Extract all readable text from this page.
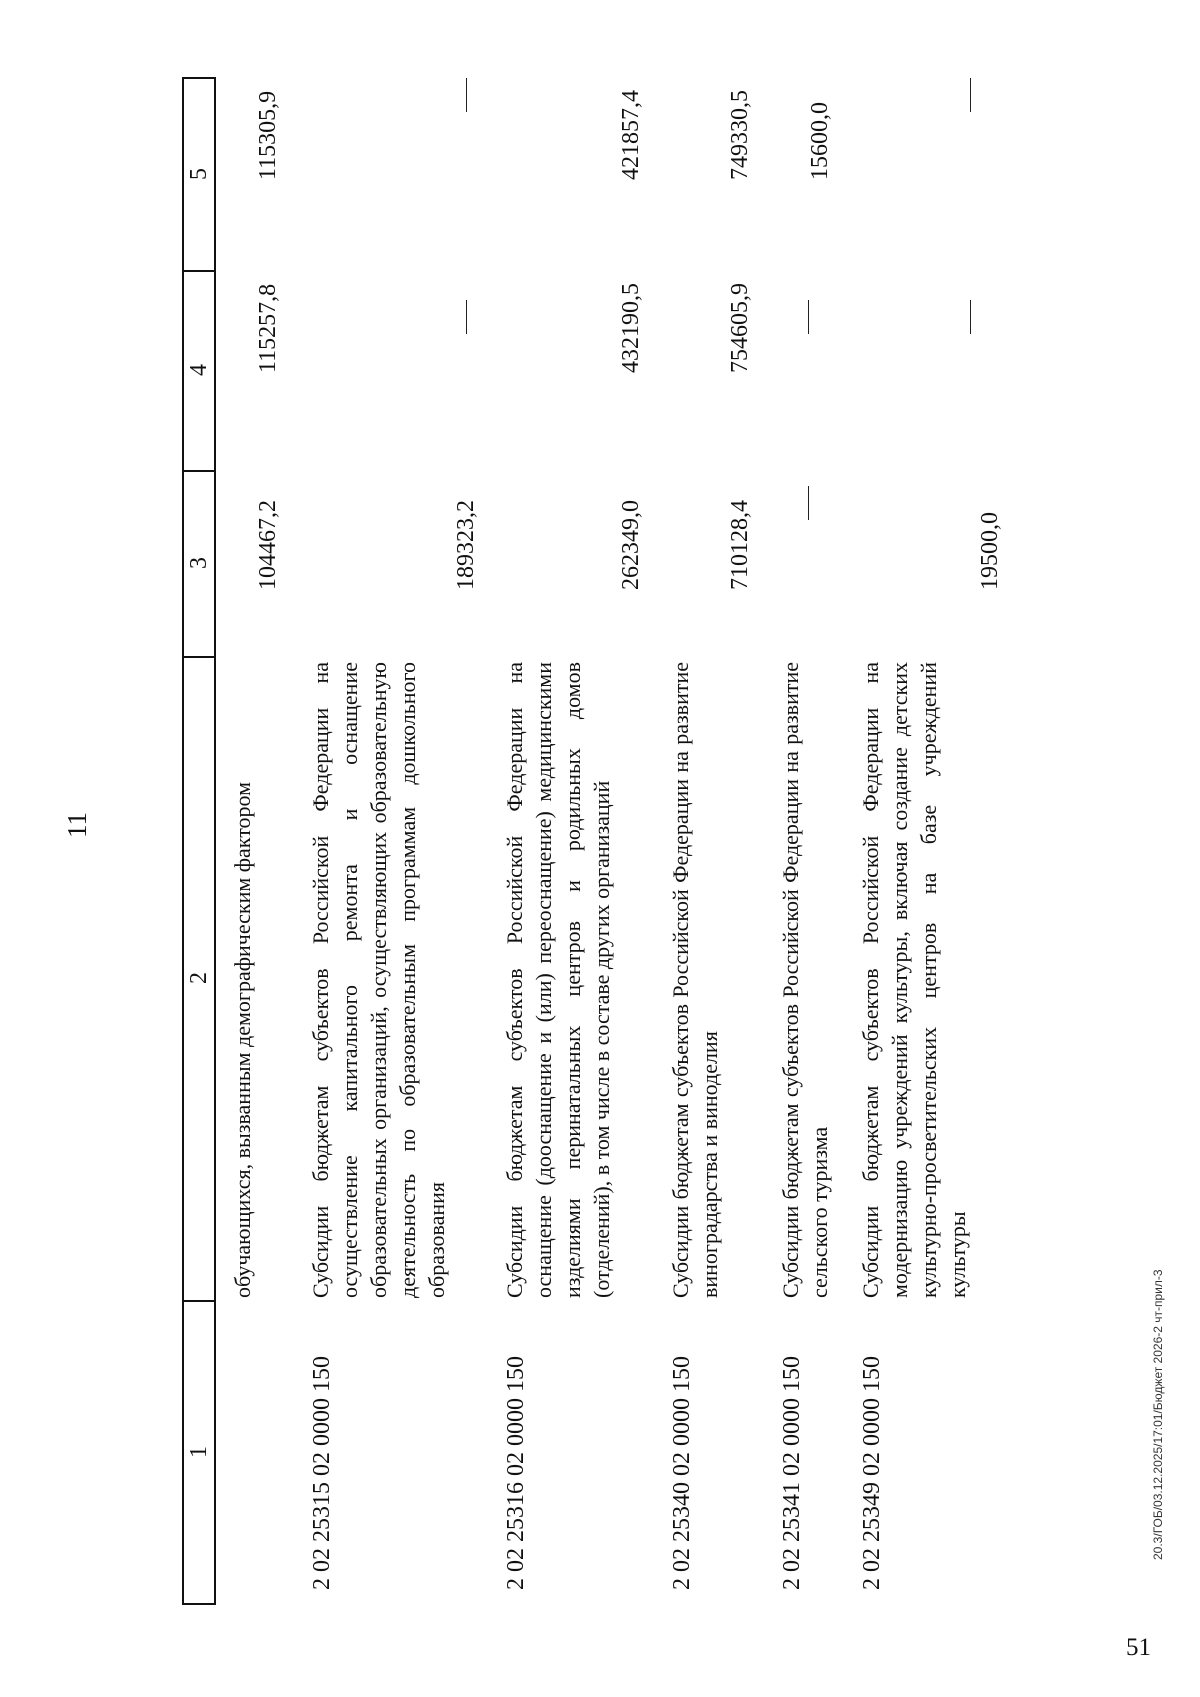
11
1
2
3
4
5
обучающихся, вызванным демографическим фактором
104467,2
115257,8
115305,9
2 02 25315 02 0000 150
Субсидии бюджетам субъектов Российской Федерации на осуществление капитального ремонта и оснащение образовательных организаций, осуществляющих образовательную деятельность по образовательным программам дошкольного образования
189323,2
2 02 25316 02 0000 150
Субсидии бюджетам субъектов Российской Федерации на оснащение (дооснащение и (или) переоснащение) медицинскими изделиями перинатальных центров и родильных домов (отделений), в том числе в составе других организаций
262349,0
432190,5
421857,4
2 02 25340 02 0000 150
Субсидии бюджетам субъектов Российской Федерации на развитие виноградарства и виноделия
710128,4
754605,9
749330,5
2 02 25341 02 0000 150
Субсидии бюджетам субъектов Российской Федерации на развитие сельского туризма
15600,0
2 02 25349 02 0000 150
Субсидии бюджетам субъектов Российской Федерации на модернизацию учреждений культуры, включая создание детских культурно-просветительских центров на базе учреждений культуры
19500,0
20.3/ГОБ/03.12.2025/17:01/Бюджет 2026-2 чт-прил-3
51
